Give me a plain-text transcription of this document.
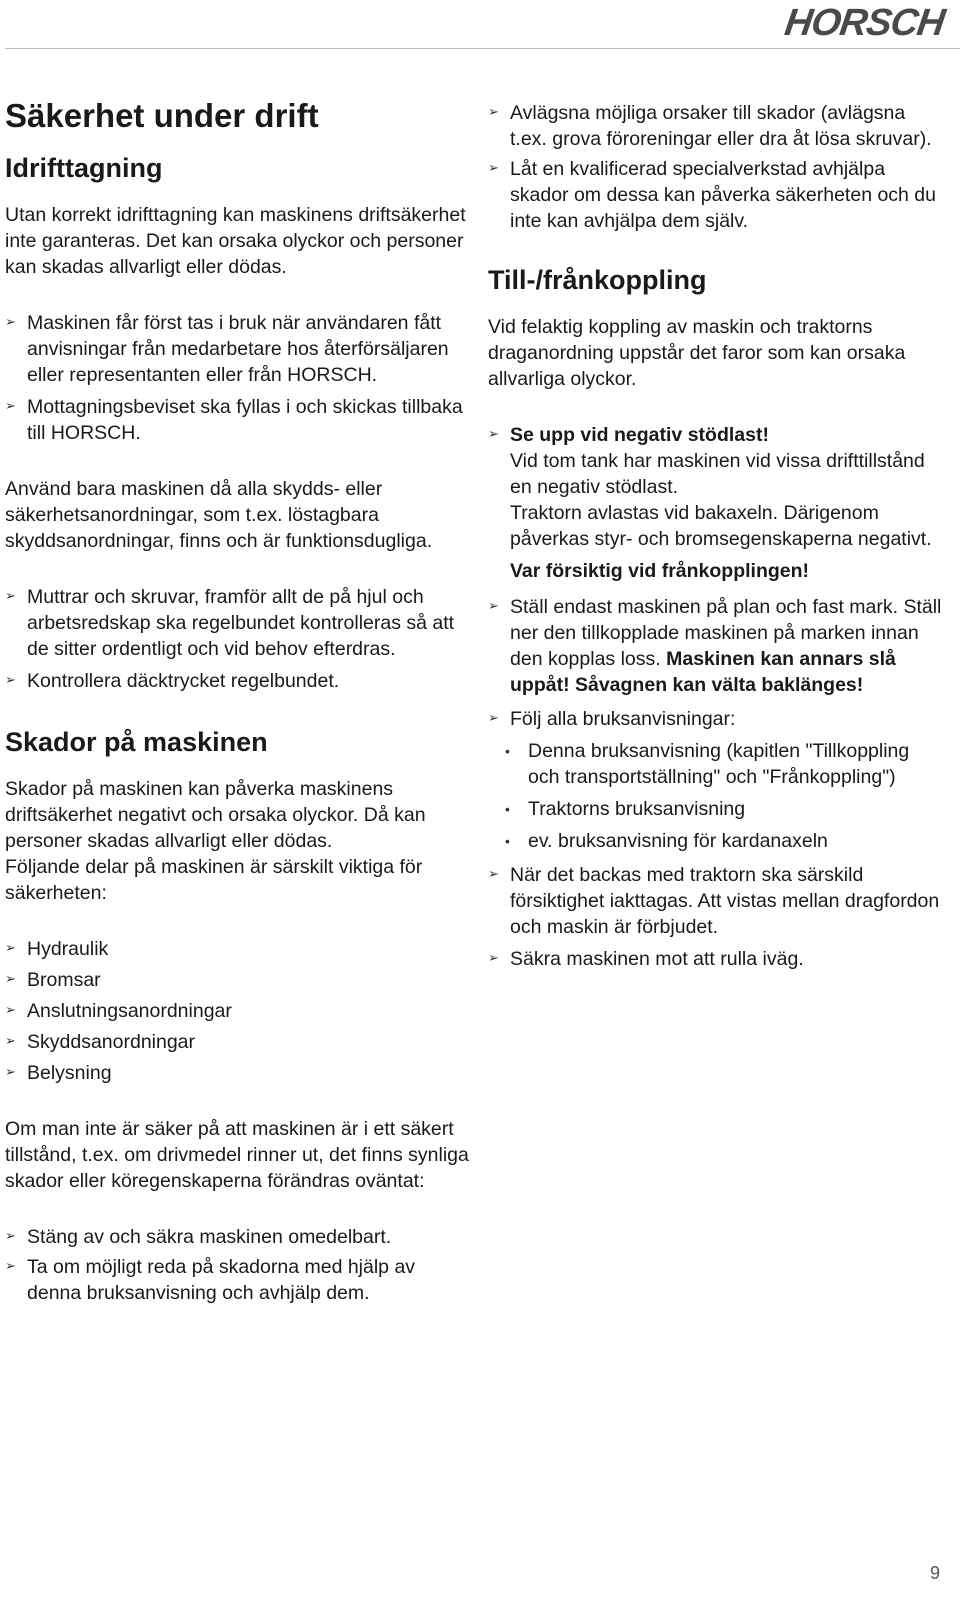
HORSCH
Säkerhet under drift
Idrifttagning

Utan korrekt idrifttagning kan maskinens driftsäkerhet inte garanteras. Det kan orsaka olyckor och personer kan skadas allvarligt eller dödas.

➢ Maskinen får först tas i bruk när användaren fått anvisningar från medarbetare hos återförsäljaren eller representanten eller från HORSCH.
➢ Mottagningsbeviset ska fyllas i och skickas tillbaka till HORSCH.

Använd bara maskinen då alla skydds- eller säkerhetsanordningar, som t.ex. löstagbara skyddsanordningar, finns och är funktionsdugliga.

➢ Muttrar och skruvar, framför allt de på hjul och arbetsredskap ska regelbundet kontrolleras så att de sitter ordentligt och vid behov efterdras.
➢ Kontrollera däcktrycket regelbundet.
Skador på maskinen

Skador på maskinen kan påverka maskinens driftsäkerhet negativt och orsaka olyckor. Då kan personer skadas allvarligt eller dödas.

Följande delar på maskinen är särskilt viktiga för säkerheten:

➢ Hydraulik
➢ Bromsar
➢ Anslutningsanordningar
➢ Skyddsanordningar
➢ Belysning

Om man inte är säker på att maskinen är i ett säkert tillstånd, t.ex. om drivmedel rinner ut, det finns synliga skador eller köregenskaperna förändras oväntat:

➢ Stäng av och säkra maskinen omedelbart.
➢ Ta om möjligt reda på skadorna med hjälp av denna bruksanvisning och avhjälp dem.
➢ Avlägsna möjliga orsaker till skador (avlägsna t.ex. grova föroreningar eller dra åt lösa skruvar).
➢ Låt en kvalificerad specialverkstad avhjälpa skador om dessa kan påverka säkerheten och du inte kan avhjälpa dem själv.
Till-/frånkoppling

Vid felaktig koppling av maskin och traktorns draganordning uppstår det faror som kan orsaka allvarliga olyckor.

➢ Se upp vid negativ stödlast!
Vid tom tank har maskinen vid vissa drifttillstånd en negativ stödlast.
Traktorn avlastas vid bakaxeln. Därigenom påverkas styr- och bromsegenskaperna negativt.
Var försiktig vid frånkopplingen!
➢ Ställ endast maskinen på plan och fast mark. Ställ ner den tillkopplade maskinen på marken innan den kopplas loss. Maskinen kan annars slå uppåt! Såvagnen kan välta baklänges!
➢ Följ alla bruksanvisningar:
• Denna bruksanvisning (kapitlen "Tillkoppling och transportställning" och "Frånkoppling")
• Traktorns bruksanvisning
• ev. bruksanvisning för kardanaxeln
➢ När det backas med traktorn ska särskild försiktighet iakttagas. Att vistas mellan dragfordon och maskin är förbjudet.
➢ Säkra maskinen mot att rulla iväg.
9
